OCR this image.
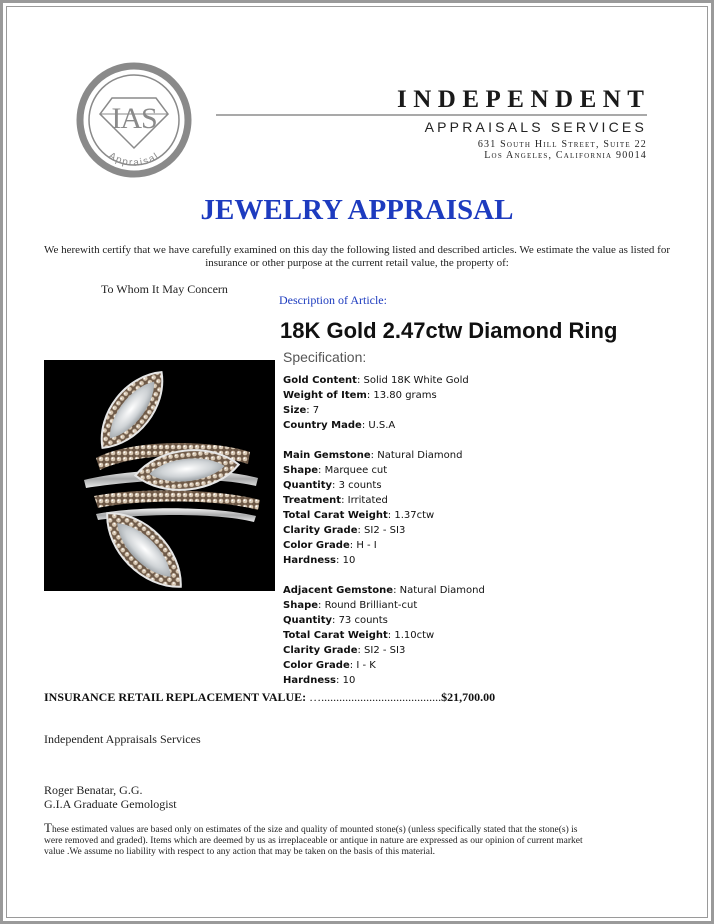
IAS
Appraisal
INDEPENDENT
APPRAISALS SERVICES
631 South Hill Street, Suite 22
Los Angeles, California 90014
JEWELRY APPRAISAL
We herewith certify that we have carefully examined on this day the following listed and described articles. We estimate the value as listed for insurance or other purpose at the current retail value, the property of:
To Whom It May Concern
Description of Article:
18K Gold 2.47ctw Diamond Ring
Specification:
Gold Content: Solid 18K White Gold
Weight of Item: 13.80 grams
Size: 7
Country Made: U.S.A
Main Gemstone: Natural Diamond
Shape: Marquee cut
Quantity: 3 counts
Treatment: Irritated
Total Carat Weight: 1.37ctw
Clarity Grade: SI2 - SI3
Color Grade: H - I
Hardness: 10
Adjacent Gemstone: Natural Diamond
Shape: Round Brilliant-cut
Quantity: 73 counts
Total Carat Weight: 1.10ctw
Clarity Grade: SI2 - SI3
Color Grade: I - K
Hardness: 10
INSURANCE RETAIL REPLACEMENT VALUE: …........................................$21,700.00
Independent Appraisals Services
Roger Benatar, G.G.
G.I.A Graduate Gemologist
These estimated values are based only on estimates of the size and quality of mounted stone(s) (unless specifically stated that the stone(s) is were removed and graded). Items which are deemed by us as irreplaceable or antique in nature are expressed as our opinion of current market value .We assume no liability with respect to any action that may be taken on the basis of this material.
